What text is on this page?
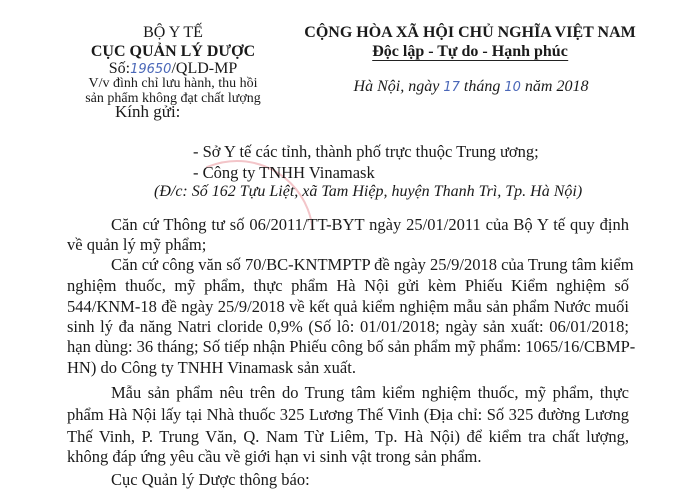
BỘ Y TẾ
CỤC QUẢN LÝ DƯỢC
Số:19650/QLD-MP
V/v đình chỉ lưu hành, thu hồi
sản phẩm không đạt chất lượng
CỘNG HÒA XÃ HỘI CHỦ NGHĨA VIỆT NAM
Độc lập - Tự do - Hạnh phúc
Hà Nội, ngày 17 tháng 10 năm 2018
Kính gửi:
- Sở Y tế các tỉnh, thành phố trực thuộc Trung ương;
- Công ty TNHH Vinamask
(Đ/c: Số 162 Tựu Liệt, xã Tam Hiệp, huyện Thanh Trì, Tp. Hà Nội)
Căn cứ Thông tư số 06/2011/TT-BYT ngày 25/01/2011 của Bộ Y tế quy định
về quản lý mỹ phẩm;
Căn cứ công văn số 70/BC-KNTMPTP đề ngày 25/9/2018 của Trung tâm kiểm
nghiệm thuốc, mỹ phẩm, thực phẩm Hà Nội gửi kèm Phiếu Kiểm nghiệm số
544/KNM-18 đề ngày 25/9/2018 về kết quả kiểm nghiệm mẫu sản phẩm Nước muối
sinh lý đa năng Natri cloride 0,9% (Số lô: 01/01/2018; ngày sản xuất: 06/01/2018;
hạn dùng: 36 tháng; Số tiếp nhận Phiếu công bố sản phẩm mỹ phẩm: 1065/16/CBMP-
HN) do Công ty TNHH Vinamask sản xuất.
Mẫu sản phẩm nêu trên do Trung tâm kiểm nghiệm thuốc, mỹ phẩm, thực
phẩm Hà Nội lấy tại Nhà thuốc 325 Lương Thế Vinh (Địa chỉ: Số 325 đường Lương
Thế Vinh, P. Trung Văn, Q. Nam Từ Liêm, Tp. Hà Nội) để kiểm tra chất lượng,
không đáp ứng yêu cầu về giới hạn vi sinh vật trong sản phẩm.
Cục Quản lý Dược thông báo:
